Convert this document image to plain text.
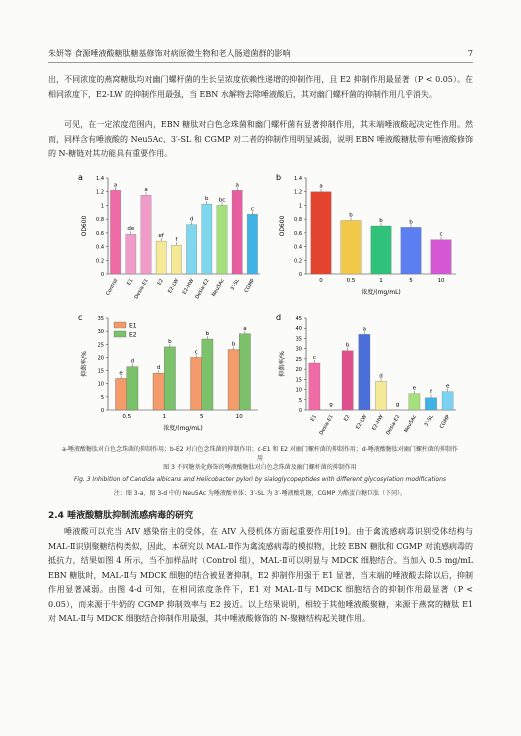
朱妍等 食源唾液酸糖肽糖基修饰对病原微生物和老人肠道菌群的影响	7
出，不同浓度的燕窝糖肽均对幽门螺杆菌的生长呈浓度依赖性递增的抑制作用，且 E2 抑制作用最显著（P < 0.05）。在相同浓度下，E2-LW 的抑制作用最强，当 EBN 水解物去除唾液酸后，其对幽门螺杆菌的抑制作用几乎消失。
可见，在一定浓度范围内，EBN 糖肽对白色念珠菌和幽门螺杆菌有显著抑制作用，其末端唾液酸起决定性作用。然而，同样含有唾液酸的 Neu5Ac、3′-SL 和 CGMP 对二者的抑制作用明显减弱，说明 EBN 唾液酸糖肽带有唾液酸修饰的 N-糖链对其功能具有重要作用。
a
0
0.2
0.4
0.6
0.8
1
1.2
1.4
OD600
a
de
a
ef
f
d
b bc
a
c
Control E1
Desia-E1 E2 E2-LW E2-HW
Desia-E2 Neu5Ac 3'-SL CGMP
b
0
0.2
0.4
0.6
0.8
1
1.2
1.4
OD600
a
b
b	b
c
0	0.5	1	5	10
浓度/(mg/mL)
c
0
5
10
15
20
25
30
35
抑菌率/%	e
d
c
b
d
b
b
a
E1
E2
0.5	1	5	10
浓度/(mg/mL)
d
0
5
10
15
20
25
30
35
40
45
抑菌率/%	c
g
b
a
d
g
e
f
e
E1 Desia-E1 E2 E2-LW E2-HW Desia-E2 Neu5Ac 3'-SL CGMP
a-唾液酸糖肽对白色念珠菌的抑制作用；b-E2 对白色念珠菌的抑制作用；c-E1 和 E2 对幽门螺杆菌的抑制作用；d-唾液酸糖肽对幽门螺杆菌的抑制作用
图 3 不同糖基化修饰的唾液酸糖肽对白色念珠菌及幽门螺杆菌的抑制作用
Fig. 3 Inhibition of Candida albicans and Helicobacter pylori by sialoglycopeptides with different glycosylation modifications
注：图 3-a、图 3-d 中的 Neu5Ac 为唾液酸单体；3′-SL 为 3′-唾液酸乳糖，CGMP 为酪蛋白糖巨肽（下同）。
2.4 唾液酸糖肽抑制流感病毒的研究
唾液酸可以充当 AIV 感染宿主的受体，在 AIV 入侵机体方面起重要作用[19]。由于禽流感病毒识别受体结构与 MAL-Ⅱ识别聚糖结构类似，因此，本研究以 MAL-Ⅱ作为禽流感病毒的模拟物，比较 EBN 糖肽和 CGMP 对流感病毒的抵抗力，结果如图 4 所示，当不加样品时（Control 组），MAL-Ⅱ可以明显与 MDCK 细胞结合。当加入 0.5 mg/mL EBN 糖肽时，MAL-Ⅱ与 MDCK 细胞的结合被显著抑制，E2 抑制作用强于 E1 显著，当末端的唾液酸去除以后，抑制作用显著减弱。由图 4-d 可知，在相同浓度条件下，E1 对 MAL-Ⅱ与 MDCK 细胞结合的抑制作用最显著（P < 0.05），而来源于牛奶的 CGMP 抑制效率与 E2 接近。以上结果说明，相较于其他唾液酸聚糖，来源于燕窝的糖肽 E1 对 MAL-Ⅱ与 MDCK 细胞结合抑制作用最强，其中唾液酸修饰的 N-聚糖结构起关键作用。
